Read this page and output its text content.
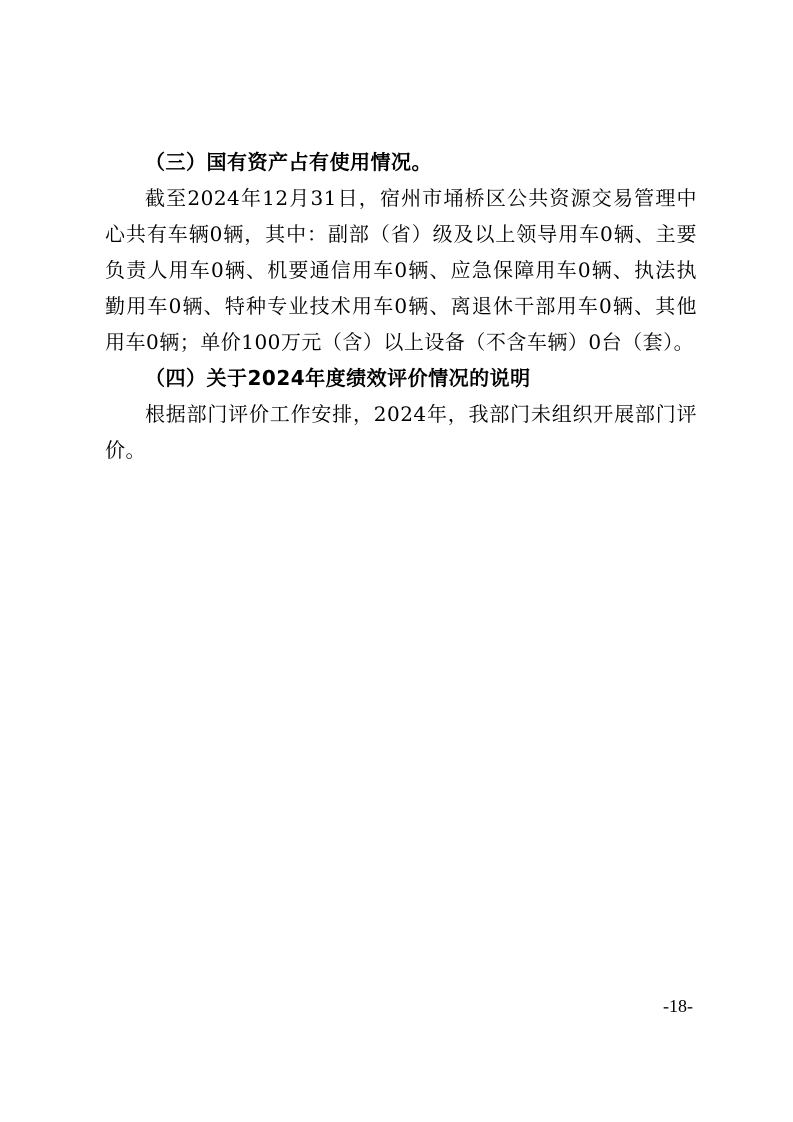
（三）国有资产占有使用情况。

截至2024年12月31日，宿州市埇桥区公共资源交易管理中心共有车辆0辆，其中：副部（省）级及以上领导用车0辆、主要负责人用车0辆、机要通信用车0辆、应急保障用车0辆、执法执勤用车0辆、特种专业技术用车0辆、离退休干部用车0辆、其他用车0辆；单价100万元（含）以上设备（不含车辆）0台（套）。

（四）关于2024年度绩效评价情况的说明

根据部门评价工作安排，2024年，我部门未组织开展部门评价。

-18-
